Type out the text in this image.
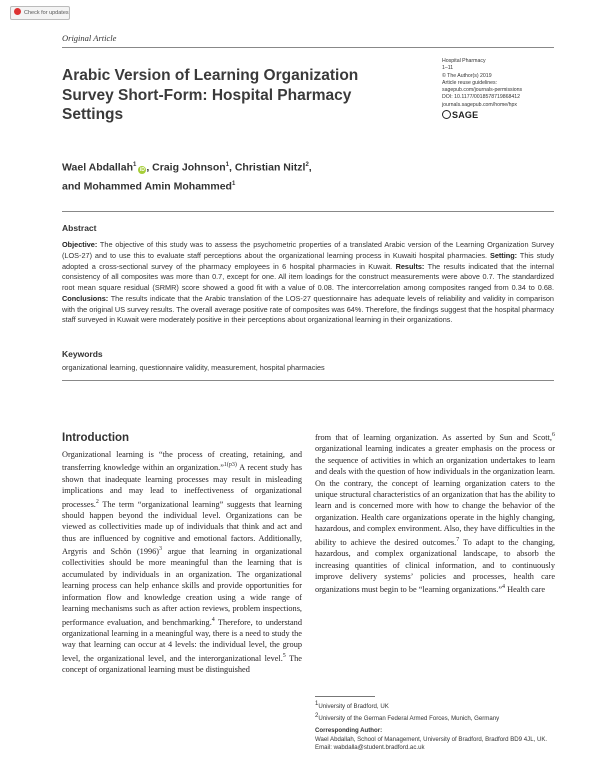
Check for updates
Original Article
Arabic Version of Learning Organization Survey Short-Form: Hospital Pharmacy Settings
Hospital Pharmacy
1–11
© The Author(s) 2019
Article reuse guidelines:
sagepub.com/journals-permissions
DOI: 10.1177/0018578719868412
journals.sagepub.com/home/hpx
SAGE
Wael Abdallah$^1$iD , Craig Johnson$^1$, Christian Nitzl$^2$,
and Mohammed Amin Mohammed$^1$
Abstract
Objective: The objective of this study was to assess the psychometric properties of a translated Arabic version of the Learning Organization Survey (LOS-27) and to use this to evaluate staff perceptions about the organizational learning process in Kuwaiti hospital pharmacies. Setting: This study adopted a cross-sectional survey of the pharmacy employees in 6 hospital pharmacies in Kuwait. Results: The results indicated that the internal consistency of all composites was more than 0.7, except for one. All item loadings for the construct measurements were above 0.7. The standardized root mean square residual (SRMR) score showed a good fit with a value of 0.08. The intercorrelation among composites ranged from 0.34 to 0.68. Conclusions: The results indicate that the Arabic translation of the LOS-27 questionnaire has adequate levels of reliability and validity in comparison with the original US survey results. The overall average positive rate of composites was 64%. Therefore, the findings suggest that the hospital pharmacy staff surveyed in Kuwait were moderately positive in their perceptions about organizational learning in their organizations.
Keywords
organizational learning, questionnaire validity, measurement, hospital pharmacies
Introduction
Organizational learning is “the process of creating, retaining, and transferring knowledge within an organization.”$^{1(p3)}$ A recent study has shown that inadequate learning processes may result in misleading implications and may lead to ineffectiveness of organizational processes.$^2$ The term “organizational learning” suggests that learning should happen beyond the individual level. Organizations can be viewed as collectivities made up of individuals that think and act and thus are influenced by cognitive and emotional factors. Additionally, Argyris and Schön $(1996)^3$ argue that learning in organizational collectivities should be more meaningful than the learning that is accumulated by individuals in an organization. The organizational learning process can help enhance skills and provide opportunities for information flow and knowledge creation using a wide range of learning mechanisms such as after action reviews, problem inspections, performance evaluation, and benchmarking.$^4$ Therefore, to understand organizational learning in a meaningful way, there is a need to study the way that learning can occur at 4 levels: the individual level, the group level, the organizational level, and the interorganizational level.$^5$ The concept of organizational learning must be distinguished
from that of learning organization. As asserted by Sun and Scott,$^6$ organizational learning indicates a greater emphasis on the process or the sequence of activities in which an organization undertakes to learn and deals with the question of how individuals in the organization learn. On the contrary, the concept of learning organization caters to the unique structural characteristics of an organization that has the ability to learn and is concerned more with how to change the behavior of the organization. Health care organizations operate in the highly changing, hazardous, and complex environment. Also, they have difficulties in the ability to achieve the desired outcomes.$^7$ To adapt to the changing, hazardous, and complex organizational landscape, to absorb the increasing quantities of clinical information, and to continuously improve delivery systems’ policies and processes, health care organizations must begin to be “learning organizations.”$^4$ Health care
$^1$University of Bradford, UK
$^2$University of the German Federal Armed Forces, Munich, Germany
Corresponding Author:
Wael Abdallah, School of Management, University of Bradford, Bradford BD9 4JL, UK.
Email: wabdalla@student.bradford.ac.uk
